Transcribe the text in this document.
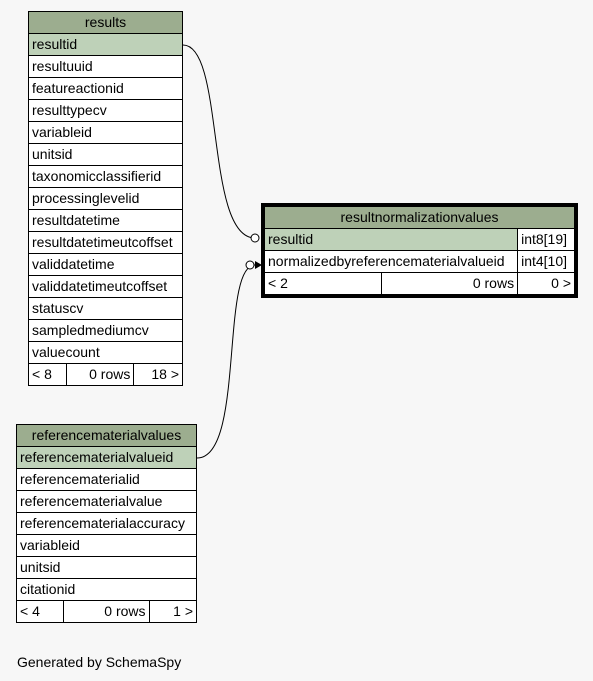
results
resultid
resultuuid
featureactionid
resulttypecv
variableid
unitsid
taxonomicclassifierid
processinglevelid
resultdatetime
resultdatetimeutcoffset
validdatetime
validdatetimeutcoffset
statuscv
sampledmediumcv
valuecount
< 8	0 rows	18 >
resultnormalizationvalues		
resultid		int8[19]
normalizedbyreferencematerialvalueid		int4[10]
< 2	0 rows	0 >
referencematerialvalues
referencematerialvalueid
referencematerialid
referencematerialvalue
referencematerialaccuracy
variableid
unitsid
citationid
< 4	0 rows	1 >
Generated by SchemaSpy
